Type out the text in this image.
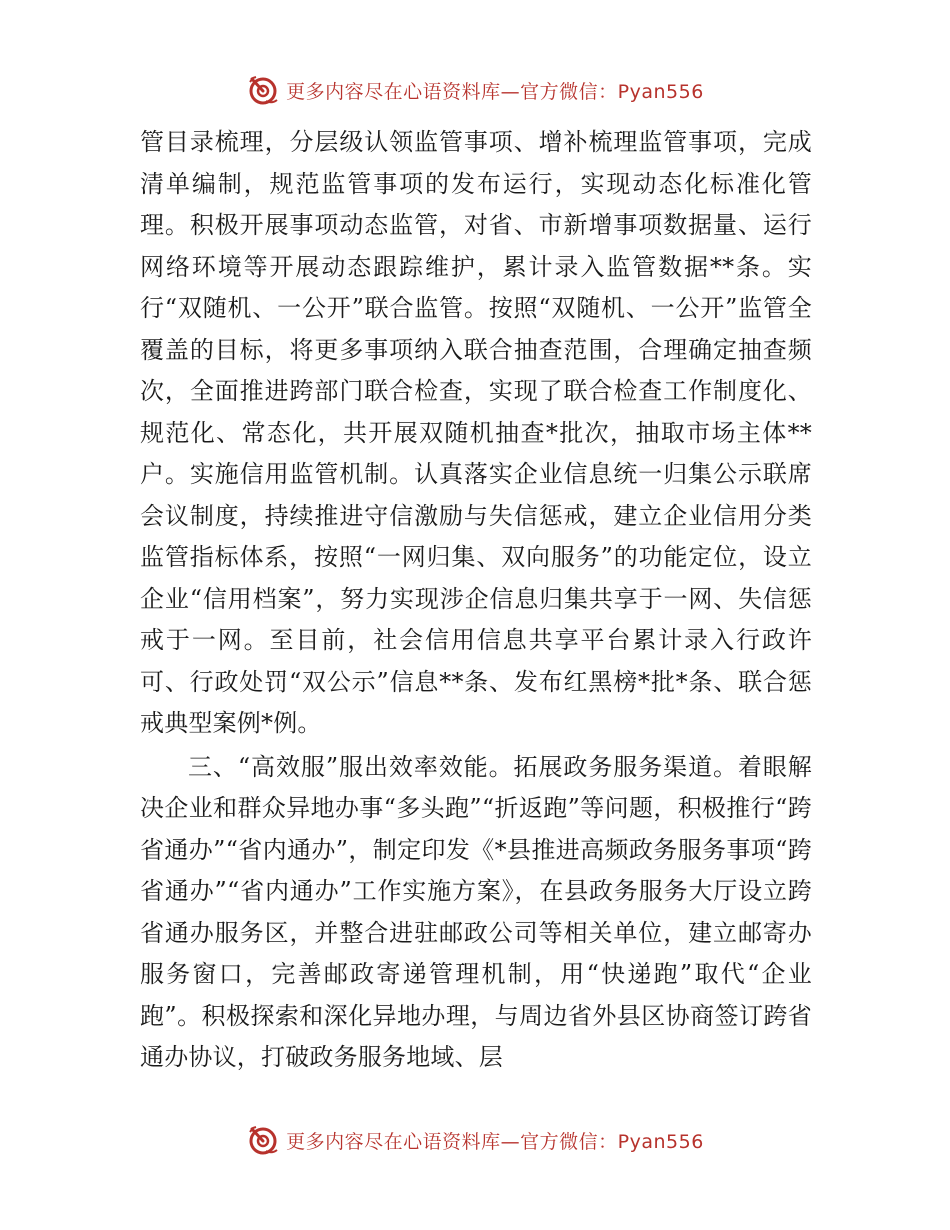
更多内容尽在心语资料库—官方微信：Pyan556

管目录梳理，分层级认领监管事项、增补梳理监管事项，完成清单编制，规范监管事项的发布运行，实现动态化标准化管理。积极开展事项动态监管，对省、市新增事项数据量、运行网络环境等开展动态跟踪维护，累计录入监管数据**条。实行“双随机、一公开”联合监管。按照“双随机、一公开”监管全覆盖的目标，将更多事项纳入联合抽查范围，合理确定抽查频次，全面推进跨部门联合检查，实现了联合检查工作制度化、规范化、常态化，共开展双随机抽查*批次，抽取市场主体**户。实施信用监管机制。认真落实企业信息统一归集公示联席会议制度，持续推进守信激励与失信惩戒，建立企业信用分类监管指标体系，按照“一网归集、双向服务”的功能定位，设立企业“信用档案”，努力实现涉企信息归集共享于一网、失信惩戒于一网。至目前，社会信用信息共享平台累计录入行政许可、行政处罚“双公示”信息**条、发布红黑榜*批*条、联合惩戒典型案例*例。

三、“高效服”服出效率效能。拓展政务服务渠道。着眼解决企业和群众异地办事“多头跑”“折返跑”等问题，积极推行“跨省通办”“省内通办”，制定印发《*县推进高频政务服务事项“跨省通办”“省内通办”工作实施方案》，在县政务服务大厅设立跨省通办服务区，并整合进驻邮政公司等相关单位，建立邮寄办服务窗口，完善邮政寄递管理机制，用“快递跑”取代“企业跑”。积极探索和深化异地办理，与周边省外县区协商签订跨省通办协议，打破政务服务地域、层

更多内容尽在心语资料库—官方微信：Pyan556
